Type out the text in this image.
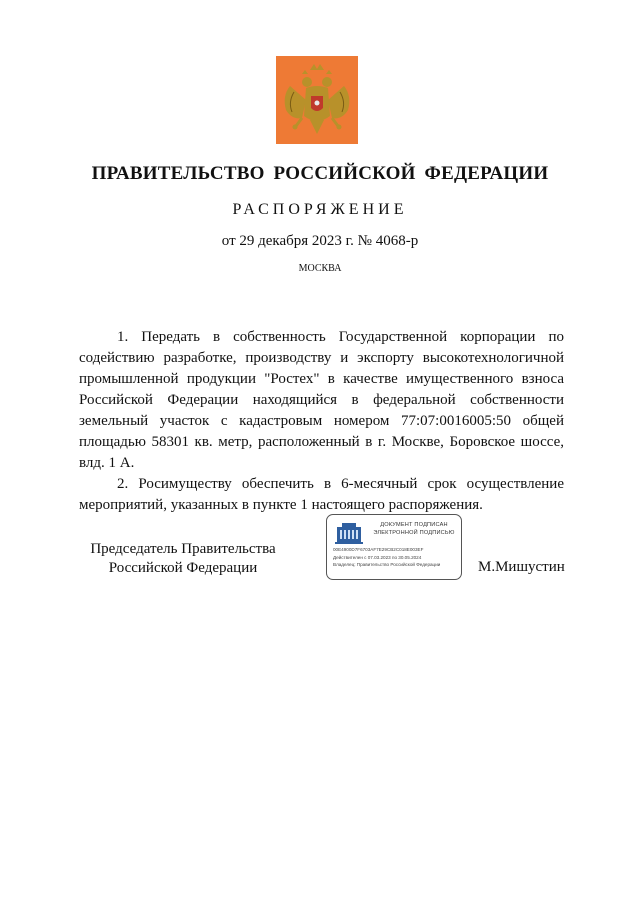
ПРАВИТЕЛЬСТВО РОССИЙСКОЙ ФЕДЕРАЦИИ
РАСПОРЯЖЕНИЕ
от 29 декабря 2023 г. № 4068-р
МОСКВА

1. Передать в собственность Государственной корпорации по содействию разработке, производству и экспорту высокотехнологичной промышленной продукции "Ростех" в качестве имущественного взноса Российской Федерации находящийся в федеральной собственности земельный участок с кадастровым номером 77:07:0016005:50 общей площадью 58301 кв. метр, расположенный в г. Москве, Боровское шоссе, влд. 1 А.

2. Росимуществу обеспечить в 6-месячный срок осуществление мероприятий, указанных в пункте 1 настоящего распоряжения.

Председатель Правительства
Российской Федерации
ДОКУМЕНТ ПОДПИСАН
ЭЛЕКТРОННОЙ ПОДПИСЬЮ
00E4900D7F6703AF7E29CB2C018E003EF
Действителен с 07.03.2023 по 30.05.2024
Владелец: Правительство Российской Федерации	М.Мишустин
